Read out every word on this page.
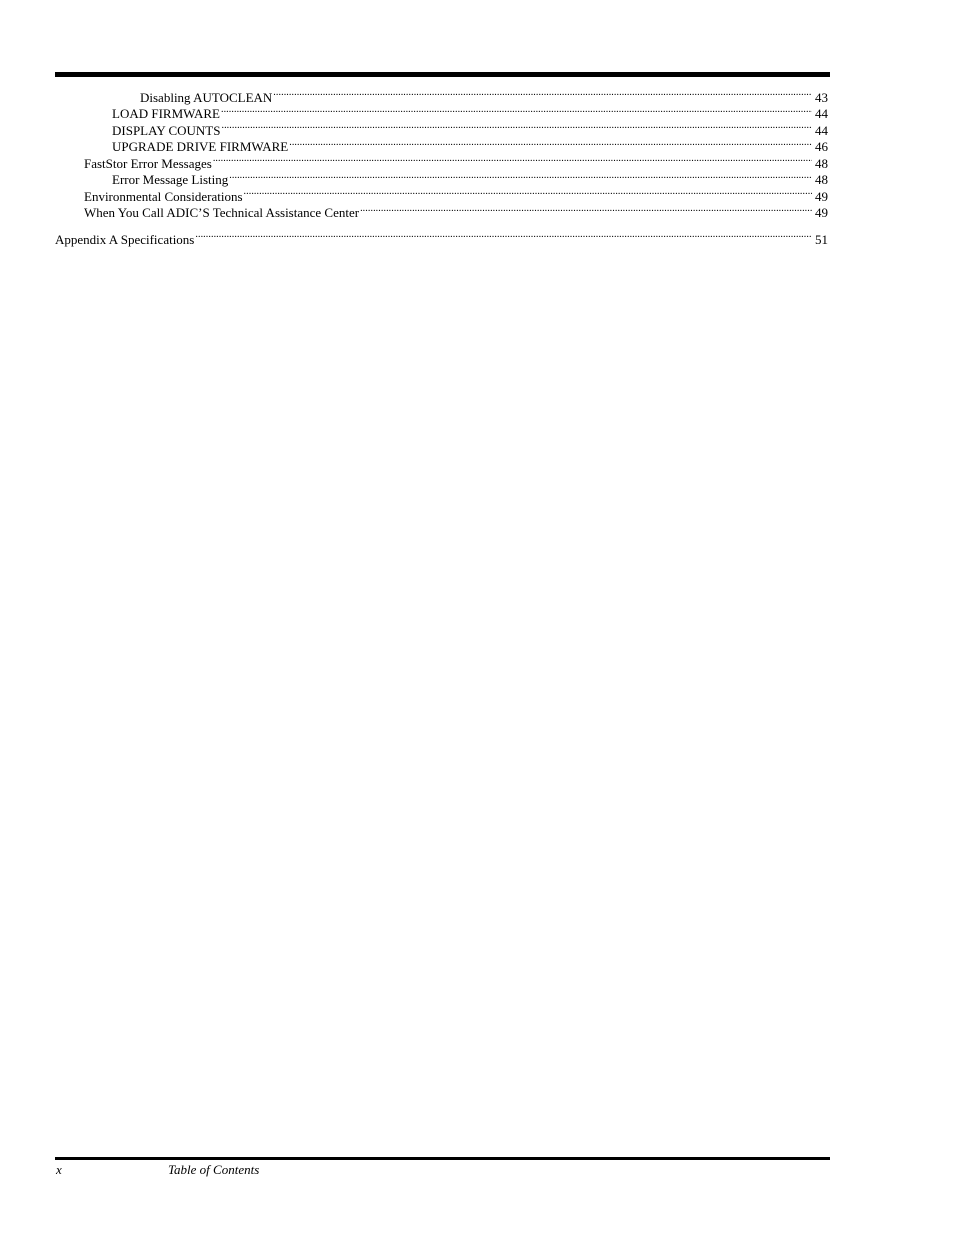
Disabling AUTOCLEAN .....	43
LOAD FIRMWARE .....	44
DISPLAY COUNTS .....	44
UPGRADE DRIVE FIRMWARE .....	46
FastStor Error Messages .....	48
Error Message Listing .....	48
Environmental Considerations .....	49
When You Call ADIC’S Technical Assistance Center .....	49
Appendix A Specifications .....	51
x	Table of Contents
